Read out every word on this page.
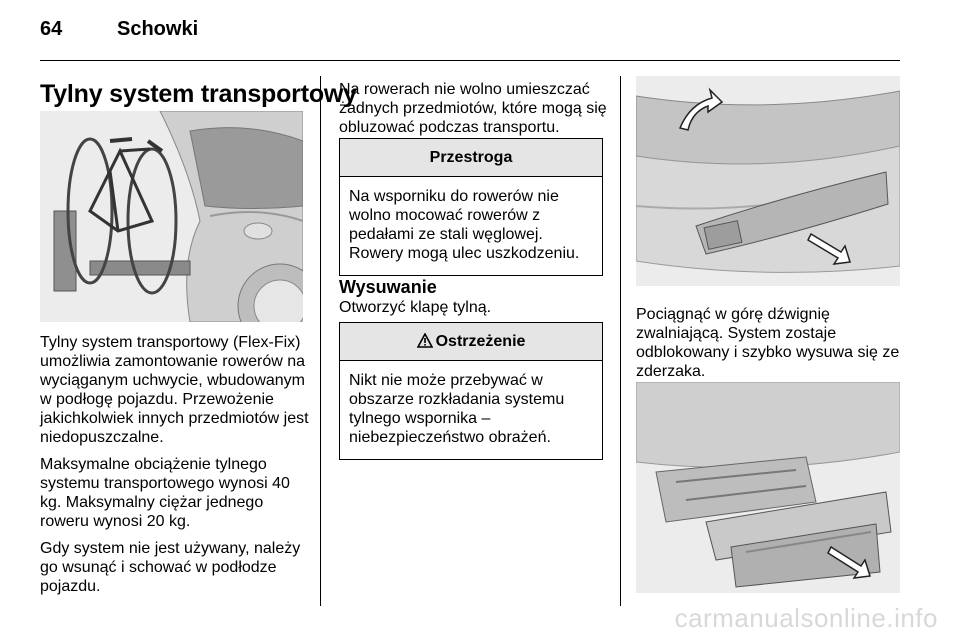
64	Schowki
Tylny system transportowy

Tylny system transportowy (Flex-Fix) umożliwia zamontowanie rowerów na wyciąganym uchwycie, wbudowanym w podłogę pojazdu. Przewożenie jakichkolwiek innych przedmiotów jest niedopuszczalne.

Maksymalne obciążenie tylnego systemu transportowego wynosi 40 kg. Maksymalny ciężar jednego roweru wynosi 20 kg.

Gdy system nie jest używany, należy go wsunąć i schować w podłodze pojazdu.

Na rowerach nie wolno umieszczać żadnych przedmiotów, które mogą się obluzować podczas transportu.

Przestroga
Na wsporniku do rowerów nie wolno mocować rowerów z pedałami ze stali węglowej. Rowery mogą ulec uszkodzeniu.
Wysuwanie

Otworzyć klapę tylną.

Ostrzeżenie
Nikt nie może przebywać w obszarze rozkładania systemu tylnego wspornika – niebezpieczeństwo obrażeń.

Pociągnąć w górę dźwignię zwalniającą. System zostaje odblokowany i szybko wysuwa się ze zderzaka.

carmanualsonline.info
